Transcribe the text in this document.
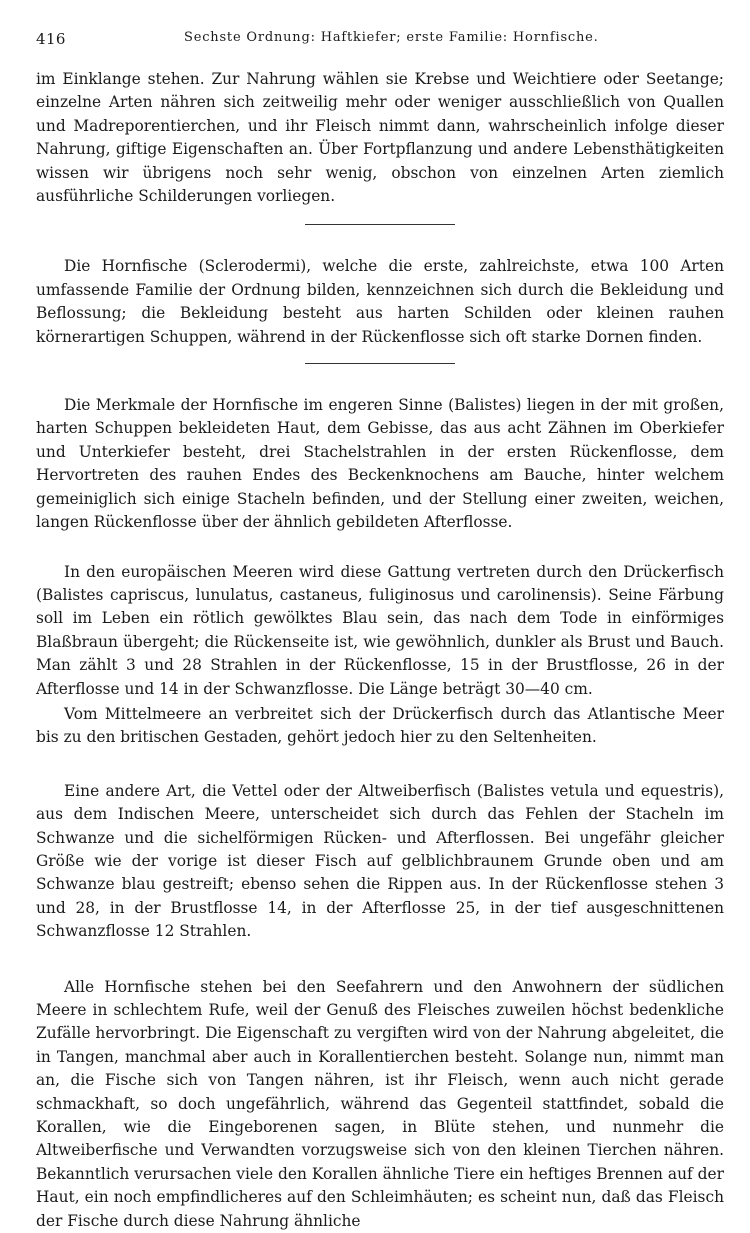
416	Sechste Ordnung: Haftkiefer; erste Familie: Hornfische.

im Einklange stehen. Zur Nahrung wählen sie Krebse und Weichtiere oder Seetange; einzelne Arten nähren sich zeitweilig mehr oder weniger ausschließlich von Quallen und Madreporentierchen, und ihr Fleisch nimmt dann, wahrscheinlich infolge dieser Nahrung, giftige Eigenschaften an. Über Fortpflanzung und andere Lebensthätigkeiten wissen wir übrigens noch sehr wenig, obschon von einzelnen Arten ziemlich ausführliche Schilderungen vorliegen.

Die Hornfische (Sclerodermi), welche die erste, zahlreichste, etwa 100 Arten umfassende Familie der Ordnung bilden, kennzeichnen sich durch die Bekleidung und Beflossung; die Bekleidung besteht aus harten Schilden oder kleinen rauhen körnerartigen Schuppen, während in der Rückenflosse sich oft starke Dornen finden.

Die Merkmale der Hornfische im engeren Sinne (Balistes) liegen in der mit großen, harten Schuppen bekleideten Haut, dem Gebisse, das aus acht Zähnen im Oberkiefer und Unterkiefer besteht, drei Stachelstrahlen in der ersten Rückenflosse, dem Hervortreten des rauhen Endes des Beckenknochens am Bauche, hinter welchem gemeiniglich sich einige Stacheln befinden, und der Stellung einer zweiten, weichen, langen Rückenflosse über der ähnlich gebildeten Afterflosse.

In den europäischen Meeren wird diese Gattung vertreten durch den Drückerfisch (Balistes capriscus, lunulatus, castaneus, fuliginosus und carolinensis). Seine Färbung soll im Leben ein rötlich gewölktes Blau sein, das nach dem Tode in einförmiges Blaßbraun übergeht; die Rückenseite ist, wie gewöhnlich, dunkler als Brust und Bauch. Man zählt 3 und 28 Strahlen in der Rückenflosse, 15 in der Brustflosse, 26 in der Afterflosse und 14 in der Schwanzflosse. Die Länge beträgt 30—40 cm.

Vom Mittelmeere an verbreitet sich der Drückerfisch durch das Atlantische Meer bis zu den britischen Gestaden, gehört jedoch hier zu den Seltenheiten.

Eine andere Art, die Vettel oder der Altweiberfisch (Balistes vetula und equestris), aus dem Indischen Meere, unterscheidet sich durch das Fehlen der Stacheln im Schwanze und die sichelförmigen Rücken- und Afterflossen. Bei ungefähr gleicher Größe wie der vorige ist dieser Fisch auf gelblichbraunem Grunde oben und am Schwanze blau gestreift; ebenso sehen die Rippen aus. In der Rückenflosse stehen 3 und 28, in der Brustflosse 14, in der Afterflosse 25, in der tief ausgeschnittenen Schwanzflosse 12 Strahlen.

Alle Hornfische stehen bei den Seefahrern und den Anwohnern der südlichen Meere in schlechtem Rufe, weil der Genuß des Fleisches zuweilen höchst bedenkliche Zufälle hervorbringt. Die Eigenschaft zu vergiften wird von der Nahrung abgeleitet, die in Tangen, manchmal aber auch in Korallentierchen besteht. Solange nun, nimmt man an, die Fische sich von Tangen nähren, ist ihr Fleisch, wenn auch nicht gerade schmackhaft, so doch ungefährlich, während das Gegenteil stattfindet, sobald die Korallen, wie die Eingeborenen sagen, in Blüte stehen, und nunmehr die Altweiberfische und Verwandten vorzugsweise sich von den kleinen Tierchen nähren. Bekanntlich verursachen viele den Korallen ähnliche Tiere ein heftiges Brennen auf der Haut, ein noch empfindlicheres auf den Schleimhäuten; es scheint nun, daß das Fleisch der Fische durch diese Nahrung ähnliche
